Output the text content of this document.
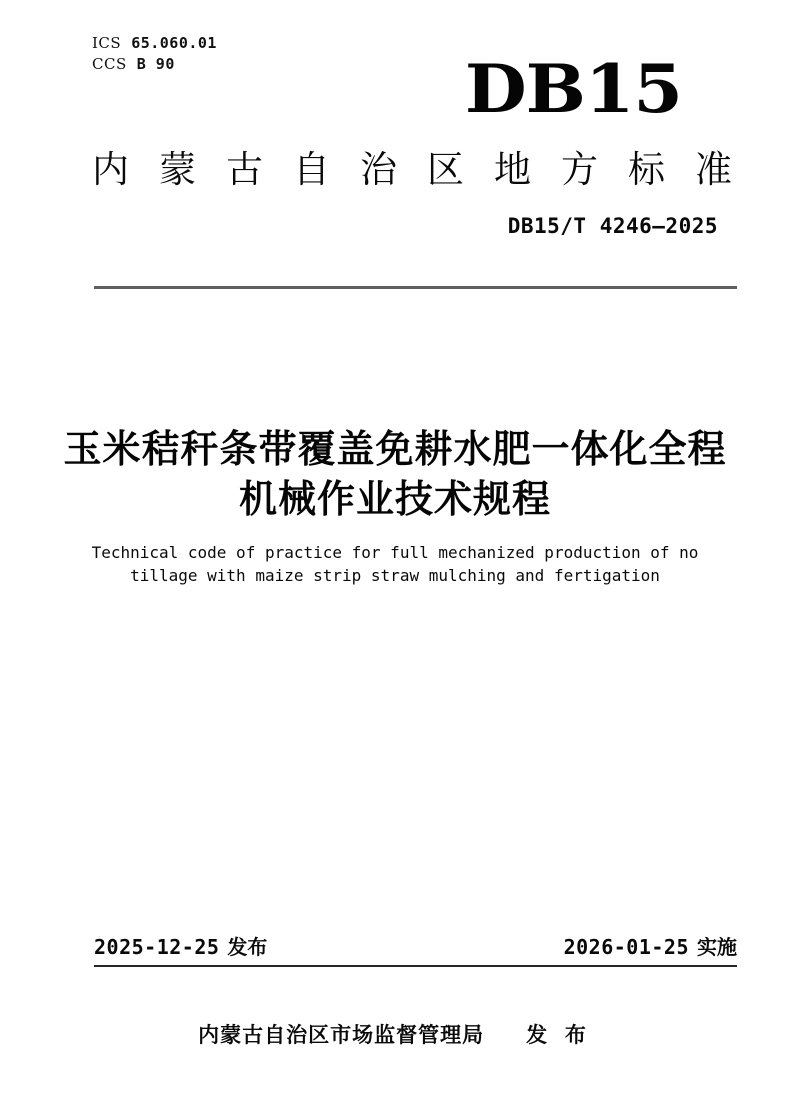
ICS 65.060.01
CCS B 90	DB15
内蒙古自治区地方标准
DB15/T 4246—2025
玉米秸秆条带覆盖免耕水肥一体化全程
机械作业技术规程
Technical code of practice for full mechanized production of no
tillage with maize strip straw mulching and fertigation
2025-12-25 发布	2026-01-25 实施
内蒙古自治区市场监督管理局 发 布
